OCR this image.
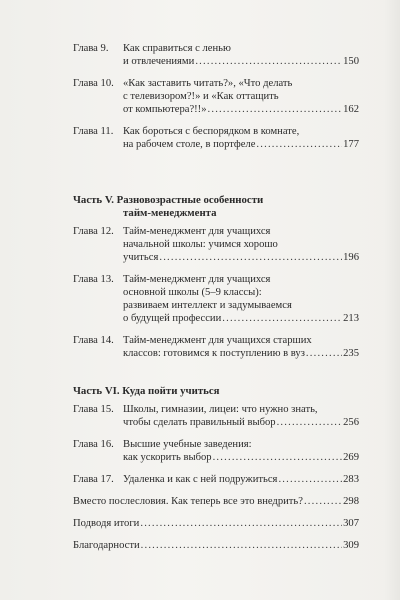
Глава 9.	Как справиться с ленью
и отвлечениями .....	150
Глава 10. «Как заставить читать?», «Что делать
с телевизором?!» и «Как оттащить
от компьютера?!!» .....	162
Глава 11. Как бороться с беспорядком в комнате,
на рабочем столе, в портфеле .....	177
Часть V. Разновозрастные особенности
тайм-менеджмента
Глава 12. Тайм-менеджмент для учащихся
начальной школы: учимся хорошо
учиться .....	196
Глава 13. Тайм-менеджмент для учащихся
основной школы (5–9 классы):
развиваем интеллект и задумываемся
о будущей профессии .....	213
Глава 14. Тайм-менеджмент для учащихся старших
классов: готовимся к поступлению в вуз .....	235
Часть VI. Куда пойти учиться
Глава 15. Школы, гимназии, лицеи: что нужно знать,
чтобы сделать правильный выбор .....	256
Глава 16. Высшие учебные заведения:
как ускорить выбор .....	269
Глава 17. Удаленка и как с ней подружиться .....	283
Вместо послесловия. Как теперь все это внедрить? .....	298
Подводя итоги .....	307
Благодарности .....	309
